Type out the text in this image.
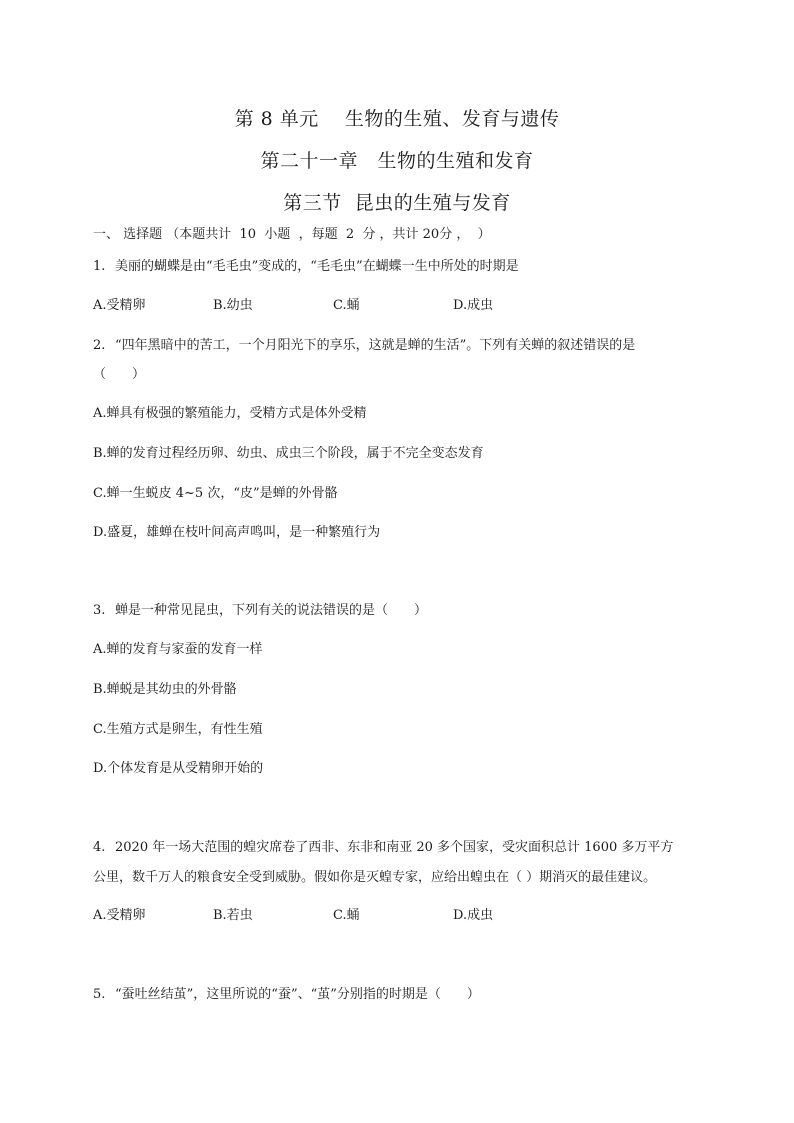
第 8 单元　 生物的生殖、发育与遗传
第二十一章　生物的生殖和发育
第三节  昆虫的生殖与发育
一、 选择题 （本题共计  10  小题  ，每题  2  分 ，共计 20分 ，  ）
1. 美丽的蝴蝶是由“毛毛虫”变成的，“毛毛虫”在蝴蝶一生中所处的时期是
A.受精卵	B.幼虫	C.蛹	D.成虫
2. “四年黑暗中的苦工，一个月阳光下的享乐，这就是蝉的生活”。下列有关蝉的叙述错误的是
（　　）
A.蝉具有极强的繁殖能力，受精方式是体外受精
B.蝉的发育过程经历卵、幼虫、成虫三个阶段，属于不完全变态发育
C.蝉一生蜕皮 4~5 次，“皮”是蝉的外骨骼
D.盛夏，雄蝉在枝叶间高声鸣叫，是一种繁殖行为
3. 蝉是一种常见昆虫，下列有关的说法错误的是（　　）
A.蝉的发育与家蚕的发育一样
B.蝉蜕是其幼虫的外骨骼
C.生殖方式是卵生，有性生殖
D.个体发育是从受精卵开始的
4. 2020 年一场大范围的蝗灾席卷了西非、东非和南亚 20 多个国家，受灾面积总计 1600 多万平方
公里，数千万人的粮食安全受到威胁。假如你是灭蝗专家，应给出蝗虫在（ ）期消灭的最佳建议。
A.受精卵	B.若虫	C.蛹	D.成虫
5. “蚕吐丝结茧”，这里所说的“蚕”、“茧”分别指的时期是（　　）
